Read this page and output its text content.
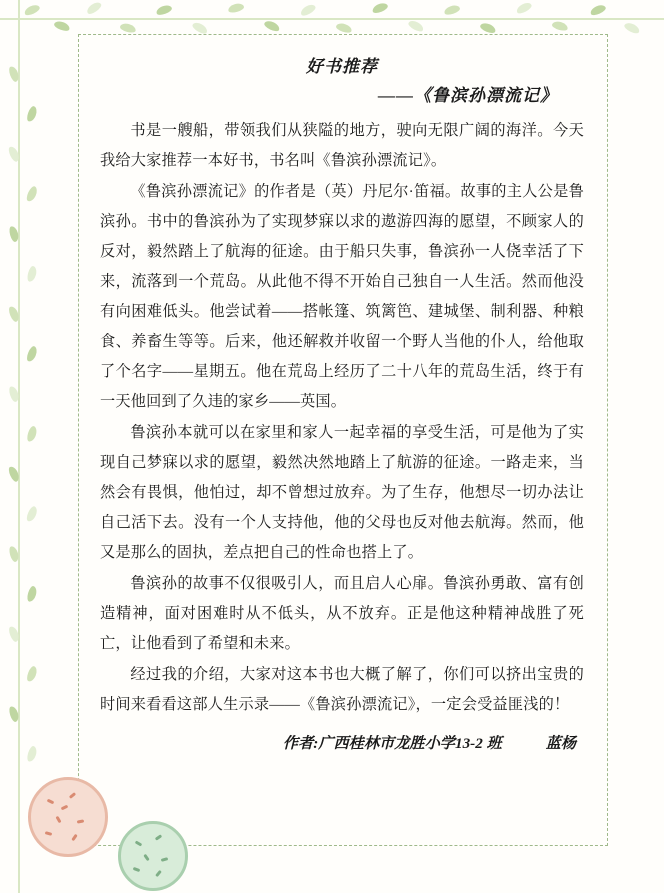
好书推荐
——《鲁滨孙漂流记》

书是一艘船，带领我们从狭隘的地方，驶向无限广阔的海洋。今天我给大家推荐一本好书，书名叫《鲁滨孙漂流记》。

《鲁滨孙漂流记》的作者是（英）丹尼尔·笛福。故事的主人公是鲁滨孙。书中的鲁滨孙为了实现梦寐以求的遨游四海的愿望，不顾家人的反对，毅然踏上了航海的征途。由于船只失事，鲁滨孙一人侥幸活了下来，流落到一个荒岛。从此他不得不开始自己独自一人生活。然而他没有向困难低头。他尝试着——搭帐篷、筑篱笆、建城堡、制利器、种粮食、养畜生等等。后来，他还解救并收留一个野人当他的仆人，给他取了个名字——星期五。他在荒岛上经历了二十八年的荒岛生活，终于有一天他回到了久违的家乡——英国。

鲁滨孙本就可以在家里和家人一起幸福的享受生活，可是他为了实现自己梦寐以求的愿望，毅然决然地踏上了航游的征途。一路走来，当然会有畏惧，他怕过，却不曾想过放弃。为了生存，他想尽一切办法让自己活下去。没有一个人支持他，他的父母也反对他去航海。然而，他又是那么的固执，差点把自己的性命也搭上了。

鲁滨孙的故事不仅很吸引人，而且启人心扉。鲁滨孙勇敢、富有创造精神，面对困难时从不低头，从不放弃。正是他这种精神战胜了死亡，让他看到了希望和未来。

经过我的介绍，大家对这本书也大概了解了，你们可以挤出宝贵的时间来看看这部人生示录——《鲁滨孙漂流记》，一定会受益匪浅的！

作者:广西桂林市龙胜小学13-2 班	蓝杨
